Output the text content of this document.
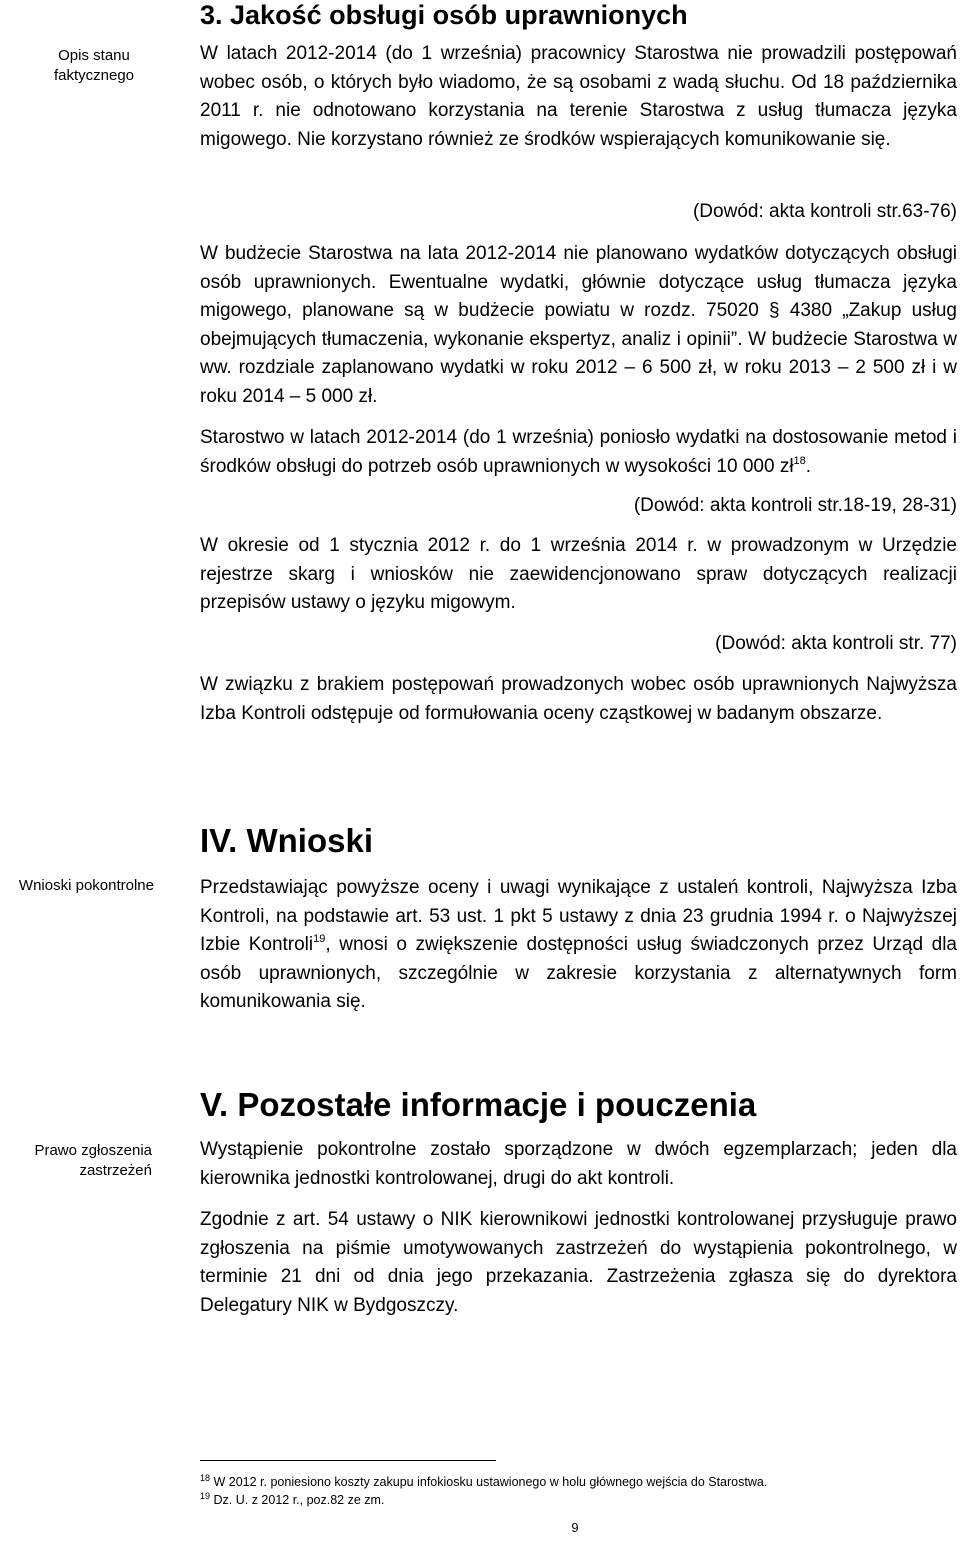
Opis stanu
faktycznego
Wnioski pokontrolne
Prawo zgłoszenia
zastrzeżeń
3. Jakość obsługi osób uprawnionych

W latach 2012-2014 (do 1 września) pracownicy Starostwa nie prowadzili postępowań wobec osób, o których było wiadomo, że są osobami z wadą słuchu. Od 18 października 2011 r. nie odnotowano korzystania na terenie Starostwa z usług tłumacza języka migowego. Nie korzystano również ze środków wspierających komunikowanie się.

(Dowód: akta kontroli str.63-76)

W budżecie Starostwa na lata 2012-2014 nie planowano wydatków dotyczących obsługi osób uprawnionych. Ewentualne wydatki, głównie dotyczące usług tłumacza języka migowego, planowane są w budżecie powiatu w rozdz. 75020 § 4380 „Zakup usług obejmujących tłumaczenia, wykonanie ekspertyz, analiz i opinii”. W budżecie Starostwa w ww. rozdziale zaplanowano wydatki w roku 2012 – 6 500 zł, w roku 2013 – 2 500 zł i w roku 2014 – 5 000 zł.

Starostwo w latach 2012-2014 (do 1 września) poniosło wydatki na dostosowanie metod i środków obsługi do potrzeb osób uprawnionych w wysokości 10 000 $zł^{18}$.

(Dowód: akta kontroli str.18-19, 28-31)

W okresie od 1 stycznia 2012 r. do 1 września 2014 r. w prowadzonym w Urzędzie rejestrze skarg i wniosków nie zaewidencjonowano spraw dotyczących realizacji przepisów ustawy o języku migowym.

(Dowód: akta kontroli str. 77)

W związku z brakiem postępowań prowadzonych wobec osób uprawnionych Najwyższa Izba Kontroli odstępuje od formułowania oceny cząstkowej w badanym obszarze.

IV. Wnioski

Przedstawiając powyższe oceny i uwagi wynikające z ustaleń kontroli, Najwyższa Izba Kontroli, na podstawie art. 53 ust. 1 pkt 5 ustawy z dnia 23 grudnia 1994 r. o Najwyższej Izbie Kontroli$^{19}$, wnosi o zwiększenie dostępności usług świadczonych przez Urząd dla osób uprawnionych, szczególnie w zakresie korzystania z alternatywnych form komunikowania się.

V. Pozostałe informacje i pouczenia

Wystąpienie pokontrolne zostało sporządzone w dwóch egzemplarzach; jeden dla kierownika jednostki kontrolowanej, drugi do akt kontroli.

Zgodnie z art. 54 ustawy o NIK kierownikowi jednostki kontrolowanej przysługuje prawo zgłoszenia na piśmie umotywowanych zastrzeżeń do wystąpienia pokontrolnego, w terminie 21 dni od dnia jego przekazania. Zastrzeżenia zgłasza się do dyrektora Delegatury NIK w Bydgoszczy.

$^{18}$ W 2012 r. poniesiono koszty zakupu infokiosku ustawionego w holu głównego wejścia do Starostwa.
$^{19}$ Dz. U. z 2012 r., poz.82 ze zm.
9
